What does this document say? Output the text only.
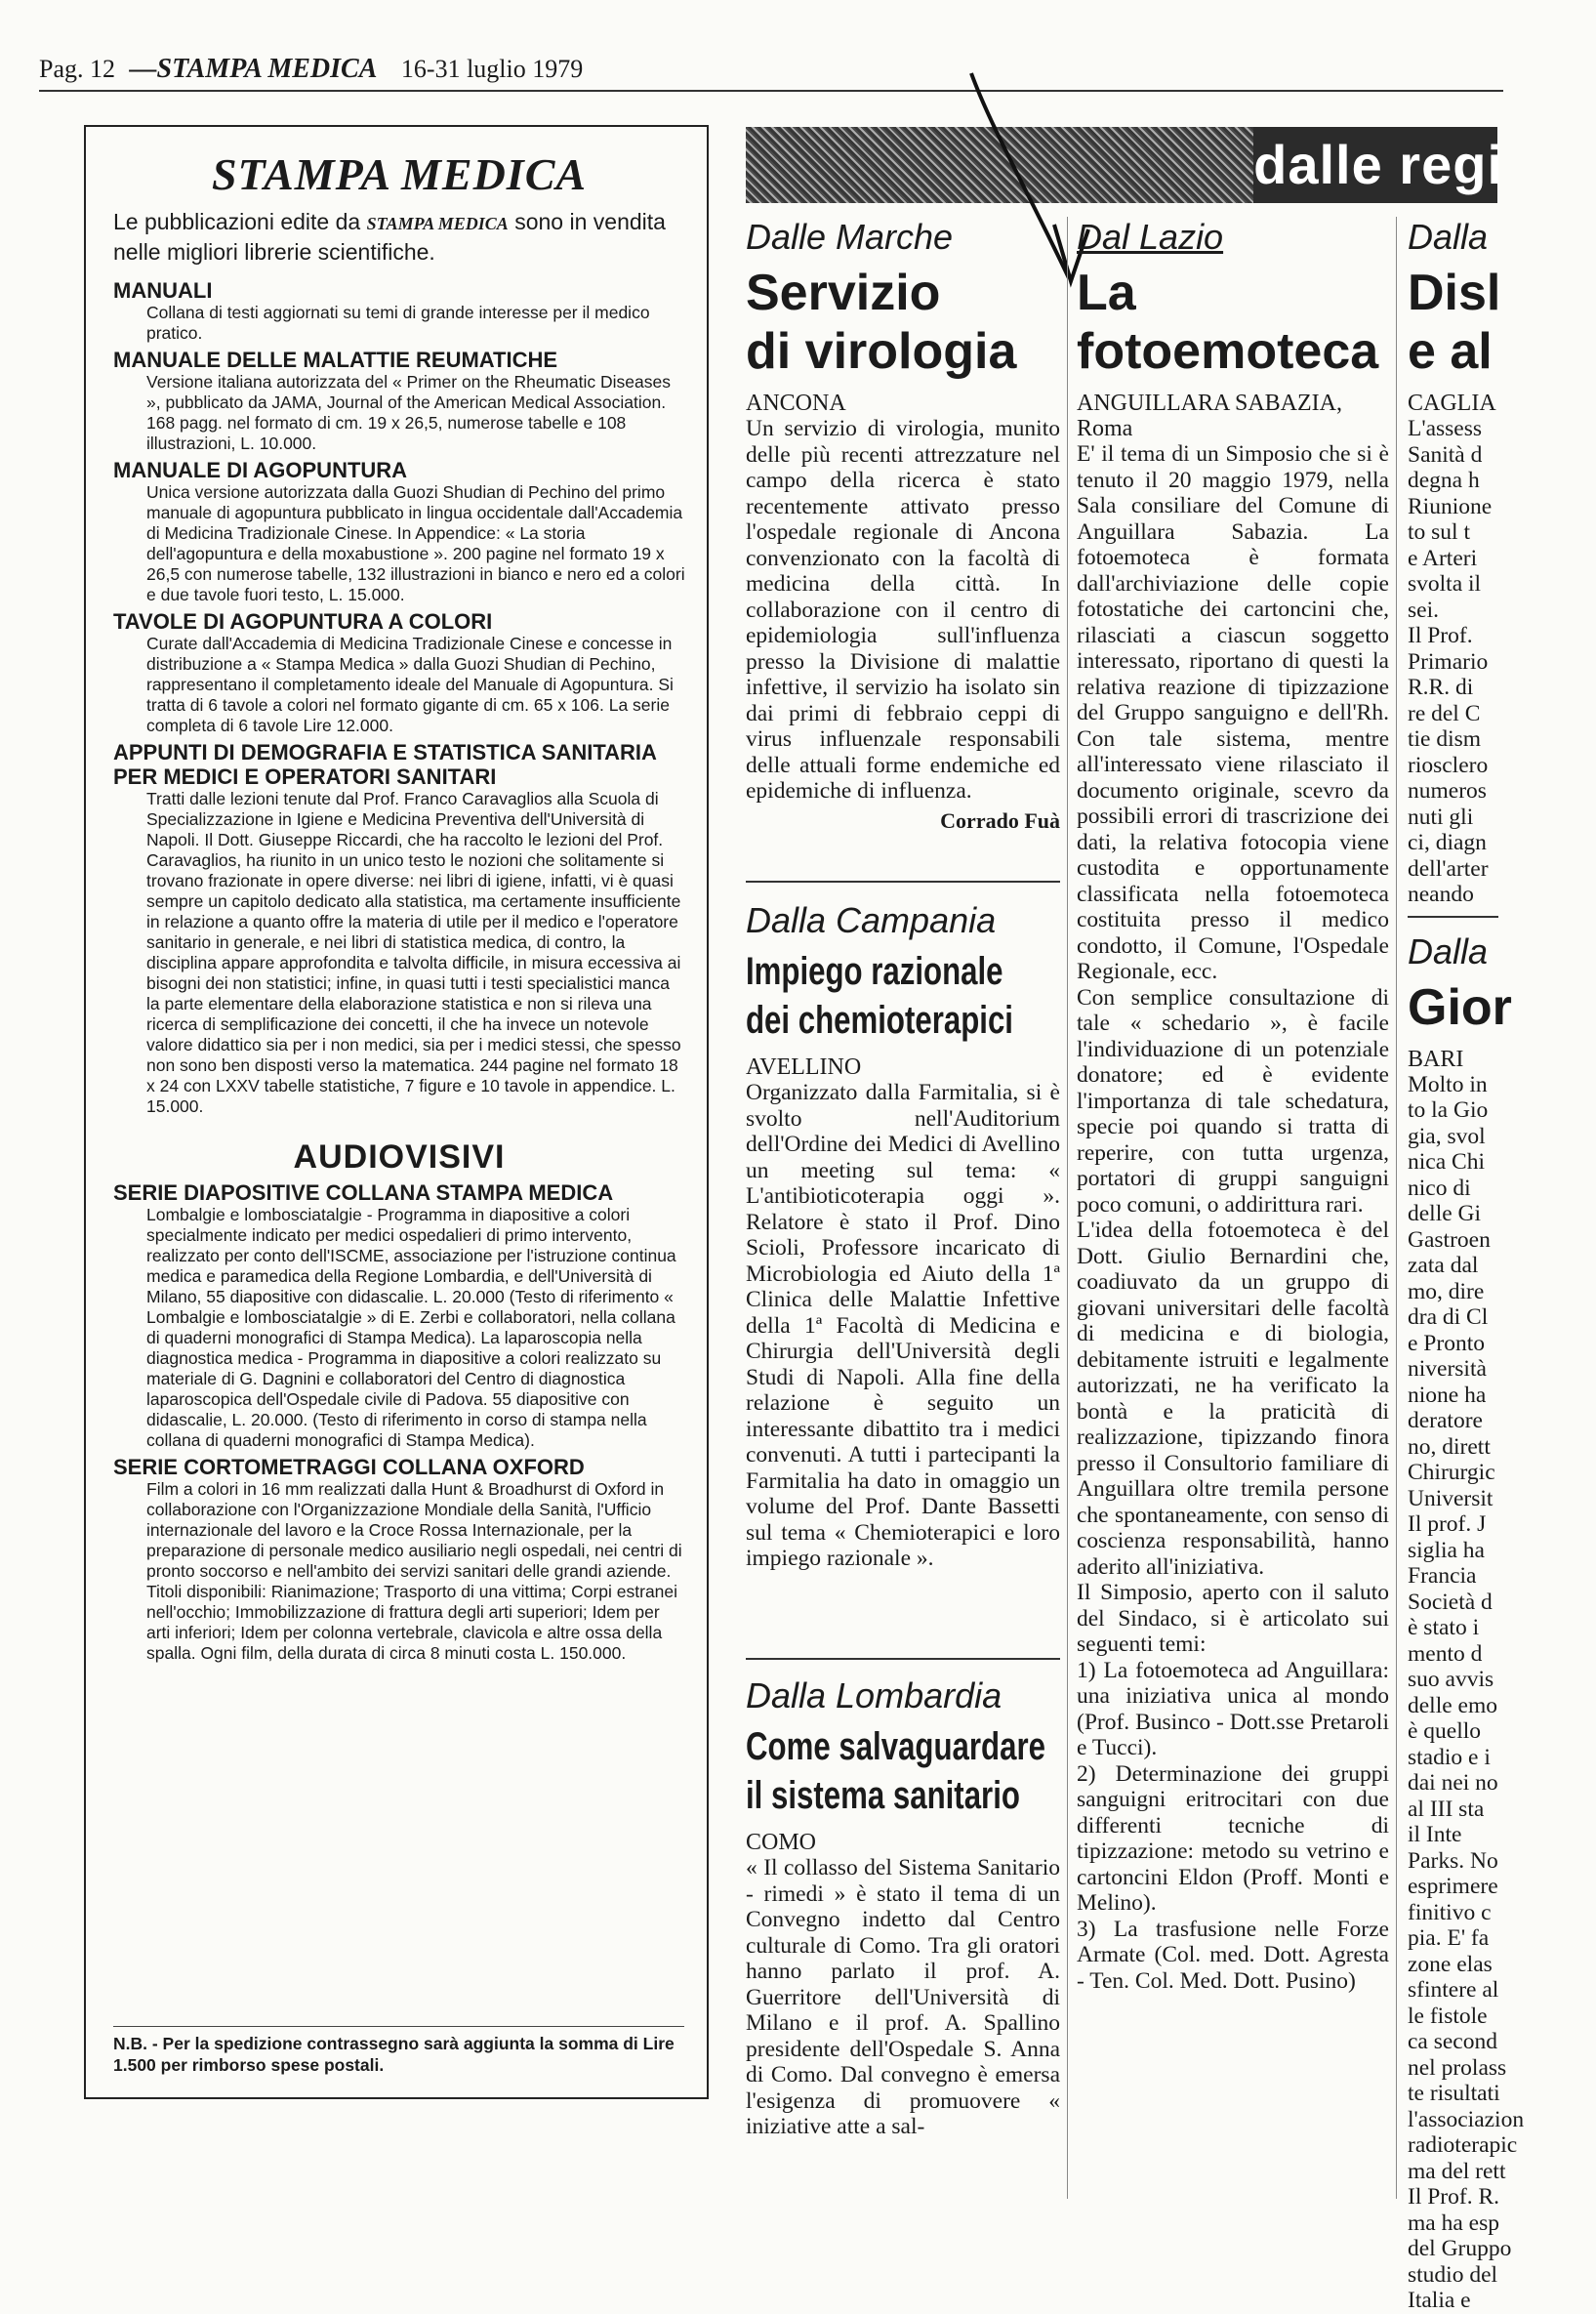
Pag. 12 —STAMPA MEDICA 16-31 luglio 1979
STAMPA MEDICA
Le pubblicazioni edite da STAMPA MEDICA sono in vendita nelle migliori librerie scientifiche.
MANUALI
Collana di testi aggiornati su temi di grande interesse per il medico pratico.
MANUALE DELLE MALATTIE REUMATICHE
Versione italiana autorizzata del « Primer on the Rheumatic Diseases », pubblicato da JAMA, Journal of the American Medical Association. 168 pagg. nel formato di cm. 19 x 26,5, numerose tabelle e 108 illustrazioni, L. 10.000.
MANUALE DI AGOPUNTURA
Unica versione autorizzata dalla Guozi Shudian di Pechino del primo manuale di agopuntura pubblicato in lingua occidentale dall'Accademia di Medicina Tradizionale Cinese. In Appendice: « La storia dell'agopuntura e della moxabustione ». 200 pagine nel formato 19 x 26,5 con numerose tabelle, 132 illustrazioni in bianco e nero ed a colori e due tavole fuori testo, L. 15.000.
TAVOLE DI AGOPUNTURA A COLORI
Curate dall'Accademia di Medicina Tradizionale Cinese e concesse in distribuzione a « Stampa Medica » dalla Guozi Shudian di Pechino, rappresentano il completamento ideale del Manuale di Agopuntura. Si tratta di 6 tavole a colori nel formato gigante di cm. 65 x 106. La serie completa di 6 tavole Lire 12.000.
APPUNTI DI DEMOGRAFIA E STATISTICA SANITARIA PER MEDICI E OPERATORI SANITARI
Tratti dalle lezioni tenute dal Prof. Franco Caravaglios alla Scuola di Specializzazione in Igiene e Medicina Preventiva dell'Università di Napoli. Il Dott. Giuseppe Riccardi, che ha raccolto le lezioni del Prof. Caravaglios, ha riunito in un unico testo le nozioni che solitamente si trovano frazionate in opere diverse: nei libri di igiene, infatti, vi è quasi sempre un capitolo dedicato alla statistica, ma certamente insufficiente in relazione a quanto offre la materia di utile per il medico e l'operatore sanitario in generale, e nei libri di statistica medica, di contro, la disciplina appare approfondita e talvolta difficile, in misura eccessiva ai bisogni dei non statistici; infine, in quasi tutti i testi specialistici manca la parte elementare della elaborazione statistica e non si rileva una ricerca di semplificazione dei concetti, il che ha invece un notevole valore didattico sia per i non medici, sia per i medici stessi, che spesso non sono ben disposti verso la matematica. 244 pagine nel formato 18 x 24 con LXXV tabelle statistiche, 7 figure e 10 tavole in appendice. L. 15.000.
AUDIOVISIVI
SERIE DIAPOSITIVE COLLANA STAMPA MEDICA
Lombalgie e lombosciatalgie - Programma in diapositive a colori specialmente indicato per medici ospedalieri di primo intervento, realizzato per conto dell'ISCME, associazione per l'istruzione continua medica e paramedica della Regione Lombardia, e dell'Università di Milano, 55 diapositive con didascalie. L. 20.000 (Testo di riferimento « Lombalgie e lombosciatalgie » di E. Zerbi e collaboratori, nella collana di quaderni monografici di Stampa Medica). La laparoscopia nella diagnostica medica - Programma in diapositive a colori realizzato su materiale di G. Dagnini e collaboratori del Centro di diagnostica laparoscopica dell'Ospedale civile di Padova. 55 diapositive con didascalie, L. 20.000. (Testo di riferimento in corso di stampa nella collana di quaderni monografici di Stampa Medica).
SERIE CORTOMETRAGGI COLLANA OXFORD
Film a colori in 16 mm realizzati dalla Hunt & Broadhurst di Oxford in collaborazione con l'Organizzazione Mondiale della Sanità, l'Ufficio internazionale del lavoro e la Croce Rossa Internazionale, per la preparazione di personale medico ausiliario negli ospedali, nei centri di pronto soccorso e nell'ambito dei servizi sanitari delle grandi aziende. Titoli disponibili: Rianimazione; Trasporto di una vittima; Corpi estranei nell'occhio; Immobilizzazione di frattura degli arti superiori; Idem per arti inferiori; Idem per colonna vertebrale, clavicola e altre ossa della spalla. Ogni film, della durata di circa 8 minuti costa L. 150.000.
N.B. - Per la spedizione contrassegno sarà aggiunta la somma di Lire 1.500 per rimborso spese postali.
dalle regi
Dalle Marche
Servizio
di virologia
ANCONA
Un servizio di virologia, munito delle più recenti attrezzature nel campo della ricerca è stato recentemente attivato presso l'ospedale regionale di Ancona convenzionato con la facoltà di medicina della città. In collaborazione con il centro di epidemiologia sull'influenza presso la Divisione di malattie infettive, il servizio ha isolato sin dai primi di febbraio ceppi di virus influenzale responsabili delle attuali forme endemiche ed epidemiche di influenza.
Corrado Fuà
Dalla Campania
Impiego razionale
dei chemioterapici
AVELLINO
Organizzato dalla Farmitalia, si è svolto nell'Auditorium dell'Ordine dei Medici di Avellino un meeting sul tema: « L'antibioticoterapia oggi ». Relatore è stato il Prof. Dino Scioli, Professore incaricato di Microbiologia ed Aiuto della 1ª Clinica delle Malattie Infettive della 1ª Facoltà di Medicina e Chirurgia dell'Università degli Studi di Napoli. Alla fine della relazione è seguito un interessante dibattito tra i medici convenuti. A tutti i partecipanti la Farmitalia ha dato in omaggio un volume del Prof. Dante Bassetti sul tema « Chemioterapici e loro impiego razionale ».
Dalla Lombardia
Come salvaguardare
il sistema sanitario
COMO
« Il collasso del Sistema Sanitario - rimedi » è stato il tema di un Convegno indetto dal Centro culturale di Como. Tra gli oratori hanno parlato il prof. A. Guerritore dell'Università di Milano e il prof. A. Spallino presidente dell'Ospedale S. Anna di Como. Dal convegno è emersa l'esigenza di promuovere « iniziative atte a sal-
Dal Lazio
La
fotoemoteca
ANGUILLARA SABAZIA, Roma
E' il tema di un Simposio che si è tenuto il 20 maggio 1979, nella Sala consiliare del Comune di Anguillara Sabazia. La fotoemoteca è formata dall'archiviazione delle copie fotostatiche dei cartoncini che, rilasciati a ciascun soggetto interessato, riportano di questi la relativa reazione di tipizzazione del Gruppo sanguigno e dell'Rh. Con tale sistema, mentre all'interessato viene rilasciato il documento originale, scevro da possibili errori di trascrizione dei dati, la relativa fotocopia viene custodita e opportunamente classificata nella fotoemoteca costituita presso il medico condotto, il Comune, l'Ospedale Regionale, ecc.
Con semplice consultazione di tale « schedario », è facile l'individuazione di un potenziale donatore; ed è evidente l'importanza di tale schedatura, specie poi quando si tratta di reperire, con tutta urgenza, portatori di gruppi sanguigni poco comuni, o addirittura rari.
L'idea della fotoemoteca è del Dott. Giulio Bernardini che, coadiuvato da un gruppo di giovani universitari delle facoltà di medicina e di biologia, debitamente istruiti e legalmente autorizzati, ne ha verificato la bontà e la praticità di realizzazione, tipizzando finora presso il Consultorio familiare di Anguillara oltre tremila persone che spontaneamente, con senso di coscienza responsabilità, hanno aderito all'iniziativa.
Il Simposio, aperto con il saluto del Sindaco, si è articolato sui seguenti temi:
1) La fotoemoteca ad Anguillara: una iniziativa unica al mondo (Prof. Businco - Dott.sse Pretaroli e Tucci).
2) Determinazione dei gruppi sanguigni eritrocitari con due differenti tecniche di tipizzazione: metodo su vetrino e cartoncini Eldon (Proff. Monti e Melino).
3) La trasfusione nelle Forze Armate (Col. med. Dott. Agresta - Ten. Col. Med. Dott. Pusino)
Dalla
Disl
e al
CAGLIA
L'assess
Sanità d
degna h
Riunione
to sul t
e Arteri
svolta il
sei.
Il Prof.
Primario
R.R. di
re del C
tie dism
riosclero
numeros
nuti gli
ci, diagn
dell'arter
neando
Dalla
Gior
BARI
Molto in
to la Gio
gia, svol
nica Chi
nico di
delle Gi
Gastroen
zata dal
mo, dire
dra di Cl
e Pronto
niversità
nione ha
deratore
no, dirett
Chirurgic
Universit
Il prof. J
siglia ha
Francia
Società d
è stato i
mento d
suo avvis
delle emo
è quello
stadio e i
dai nei no
al III sta
il Inte
Parks. No
esprimere
finitivo c
pia. E' fa
zone elas
sfintere al
le fistole
ca second
nel prolass
te risultati
l'associazion
radioterapic
ma del rett
Il Prof. R.
ma ha esp
del Gruppo
studio del
Italia e
